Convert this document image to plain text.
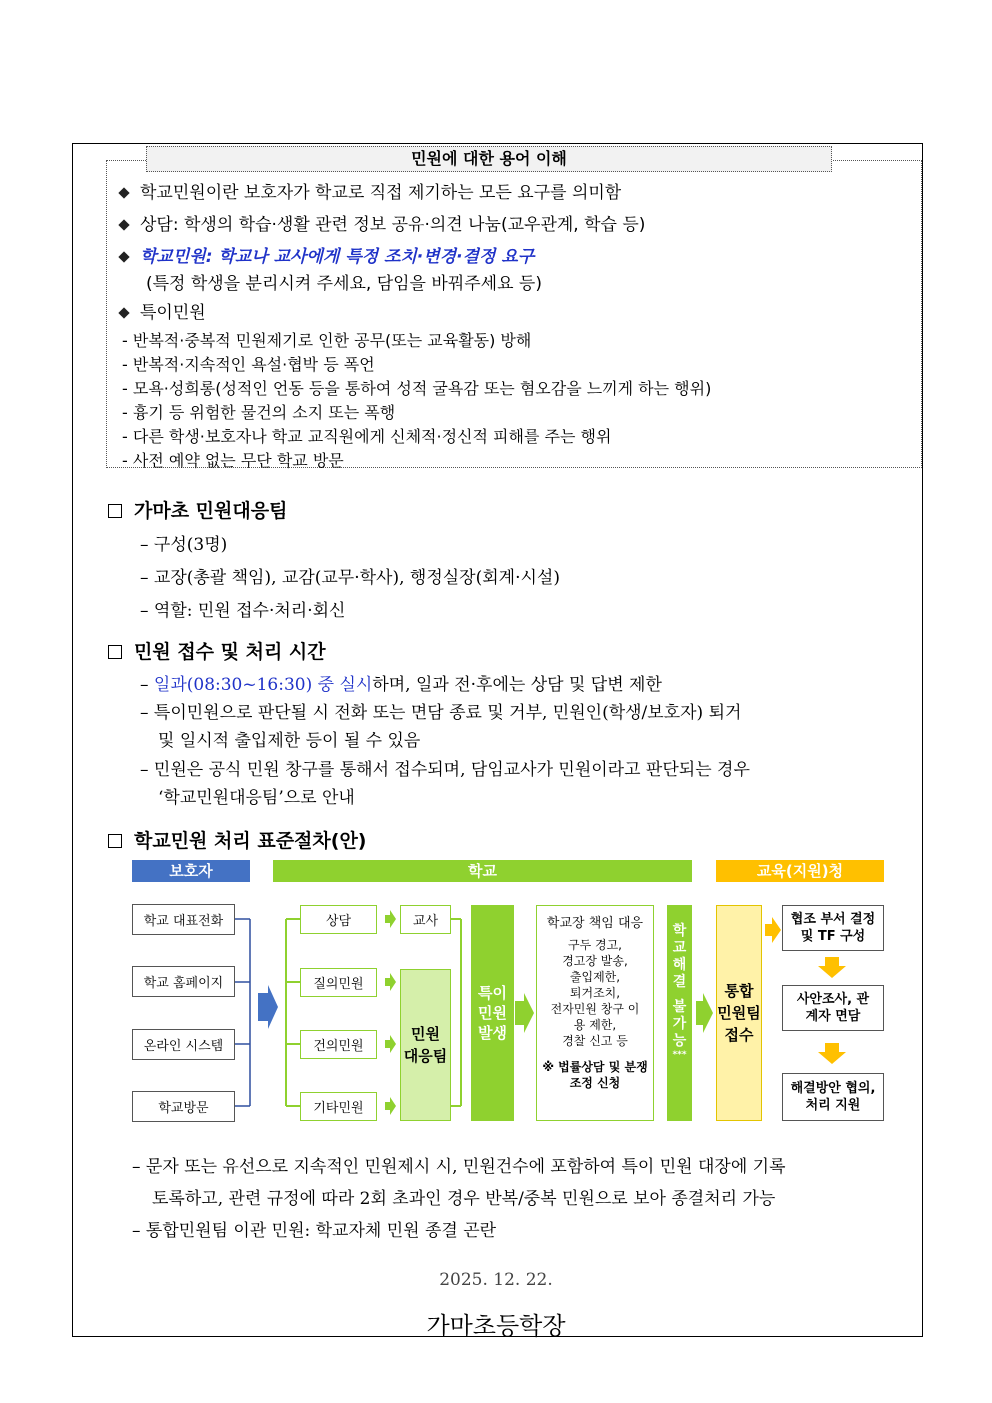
민원에 대한 용어 이해
학교민원이란 보호자가 학교로 직접 제기하는 모든 요구를 의미함
상담: 학생의 학습·생활 관련 정보 공유·의견 나눔(교우관계, 학습 등)
학교민원: 학교나 교사에게 특정 조치·변경·결정 요구
(특정 학생을 분리시켜 주세요, 담임을 바꿔주세요 등)
특이민원
- 반복적·중복적 민원제기로 인한 공무(또는 교육활동) 방해
- 반복적·지속적인 욕설·협박 등 폭언
- 모욕·성희롱(성적인 언동 등을 통하여 성적 굴욕감 또는 혐오감을 느끼게 하는 행위)
- 흉기 등 위험한 물건의 소지 또는 폭행
- 다른 학생·보호자나 학교 교직원에게 신체적·정신적 피해를 주는 행위
- 사전 예약 없는 무단 학교 방문
가마초 민원대응팀
– 구성(3명)
– 교장(총괄 책임), 교감(교무·학사), 행정실장(회계·시설)
– 역할: 민원 접수·처리·회신
민원 접수 및 처리 시간
– 일과(08:30~16:30) 중 실시하며, 일과 전·후에는 상담 및 답변 제한
– 특이민원으로 판단될 시 전화 또는 면담 종료 및 거부, 민원인(학생/보호자) 퇴거
및 일시적 출입제한 등이 될 수 있음
– 민원은 공식 민원 창구를 통해서 접수되며, 담임교사가 민원이라고 판단되는 경우
‘학교민원대응팀’으로 안내
학교민원 처리 표준절차(안)
보호자	학교	교육(지원)청
학교 대표전화
학교 홈페이지
온라인 시스템
학교방문
상담
질의민원
건의민원
기타민원
교사
민원
대응팀
특이
민원
발생
학교장 책임 대응
구두 경고,
경고장 발송,
출입제한,
퇴거조치,
전자민원 창구 이
용 제한,
경찰 신고 등
※ 법률상담 및 분쟁
조정 신청
학
교
해
결
불
가
능
***
통합
민원팀
접수
협조 부서 결정 및 TF 구성
사안조사, 관계자 면담
해결방안 협의, 처리 지원
– 문자 또는 유선으로 지속적인 민원제시 시, 민원건수에 포함하여 특이 민원 대장에 기록
토록하고, 관련 규정에 따라 2회 초과인 경우 반복/중복 민원으로 보아 종결처리 가능
– 통합민원팀 이관 민원: 학교자체 민원 종결 곤란
2025. 12. 22.
가마초등학장
